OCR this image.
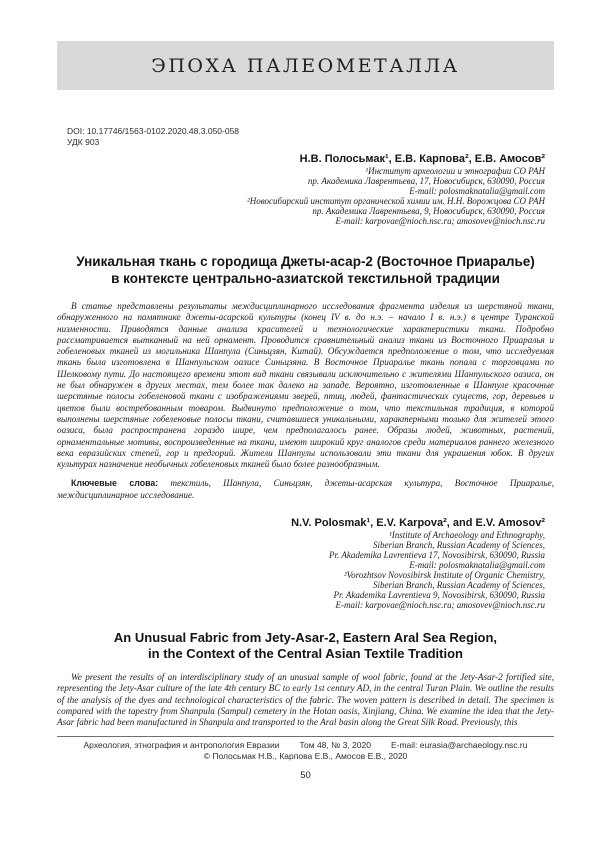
ЭПОХА ПАЛЕОМЕТАЛЛА
DOI: 10.17746/1563-0102.2020.48.3.050-058
УДК 903
Н.В. Полосьмак¹, Е.В. Карпова², Е.В. Амосов²
¹Институт археологии и этнографии СО РАН
пр. Академика Лаврентьева, 17, Новосибирск, 630090, Россия
E-mail: polosmaknatalia@gmail.com
²Новосибирский институт органической химии им. Н.Н. Ворожцова СО РАН
пр. Академика Лаврентьева, 9, Новосибирск, 630090, Россия
E-mail: karpovae@nioch.nsc.ru; amosovev@nioch.nsc.ru
Уникальная ткань с городища Джеты-асар-2 (Восточное Приаралье)
в контексте центрально-азиатской текстильной традиции
В статье представлены результаты междисциплинарного исследования фрагмента изделия из шерстяной ткани, обнаруженного на памятнике джеты-асарской культуры (конец IV в. до н.э. – начало I в. н.э.) в центре Туранской низменности. Приводятся данные анализа красителей и технологические характеристики ткани. Подробно рассматривается вытканный на ней орнамент. Проводится сравнительный анализ ткани из Восточного Приаралья и гобеленовых тканей из могильника Шанпула (Синьцзян, Китай). Обсуждается предположение о том, что исследуемая ткань была изготовлена в Шанпульском оазисе Синьцзяна. В Восточное Приаралье ткань попала с торговцами по Шелковому пути. До настоящего времени этот вид ткани связывали исключительно с жителями Шанпульского оазиса, он не был обнаружен в других местах, тем более так далеко на западе. Вероятно, изготовленные в Шанпуле красочные шерстяные полосы гобеленовой ткани с изображениями зверей, птиц, людей, фантастических существ, гор, деревьев и цветов были востребованным товаром. Выдвинуто предположение о том, что текстильная традиция, в которой выполнены шерстяные гобеленовые полосы ткани, считавшиеся уникальными, характерными только для жителей этого оазиса, была распространена гораздо шире, чем предполагалось ранее. Образы людей, животных, растений, орнаментальные мотивы, воспроизведенные на ткани, имеют широкий круг аналогов среди материалов раннего железного века евразийских степей, гор и предгорий. Жители Шанпулы использовали эти ткани для украшения юбок. В других культурах назначение необычных гобеленовых тканей было более разнообразным.
Ключевые слова: текстиль, Шанпула, Синьцзян, джеты-асарская культура, Восточное Приаралье, междисциплинарное исследование.
N.V. Polosmak¹, E.V. Karpova², and E.V. Amosov²
¹Institute of Archaeology and Ethnography,
Siberian Branch, Russian Academy of Sciences,
Pr. Akademika Lavrentieva 17, Novosibirsk, 630090, Russia
E-mail: polosmaknatalia@gmail.com
²Vorozhtsov Novosibirsk Institute of Organic Chemistry,
Siberian Branch, Russian Academy of Sciences,
Pr. Akademika Lavrentieva 9, Novosibirsk, 630090, Russia
E-mail: karpovae@nioch.nsc.ru; amosovev@nioch.nsc.ru
An Unusual Fabric from Jety-Asar-2, Eastern Aral Sea Region,
in the Context of the Central Asian Textile Tradition
We present the results of an interdisciplinary study of an unusual sample of wool fabric, found at the Jety-Asar-2 fortified site, representing the Jety-Asar culture of the late 4th century BC to early 1st century AD, in the central Turan Plain. We outline the results of the analysis of the dyes and technological characteristics of the fabric. The woven pattern is described in detail. The specimen is compared with the tapestry from Shanpula (Sampul) cemetery in the Hotan oasis, Xinjiang, China. We examine the idea that the Jety-Asar fabric had been manufactured in Shanpula and transported to the Aral basin along the Great Silk Road. Previously, this
Археология, этнография и антропология Евразии Том 48, № 3, 2020 E-mail: eurasia@archaeology.nsc.ru
© Полосьмак Н.В., Карпова Е.В., Амосов Е.В., 2020
50
